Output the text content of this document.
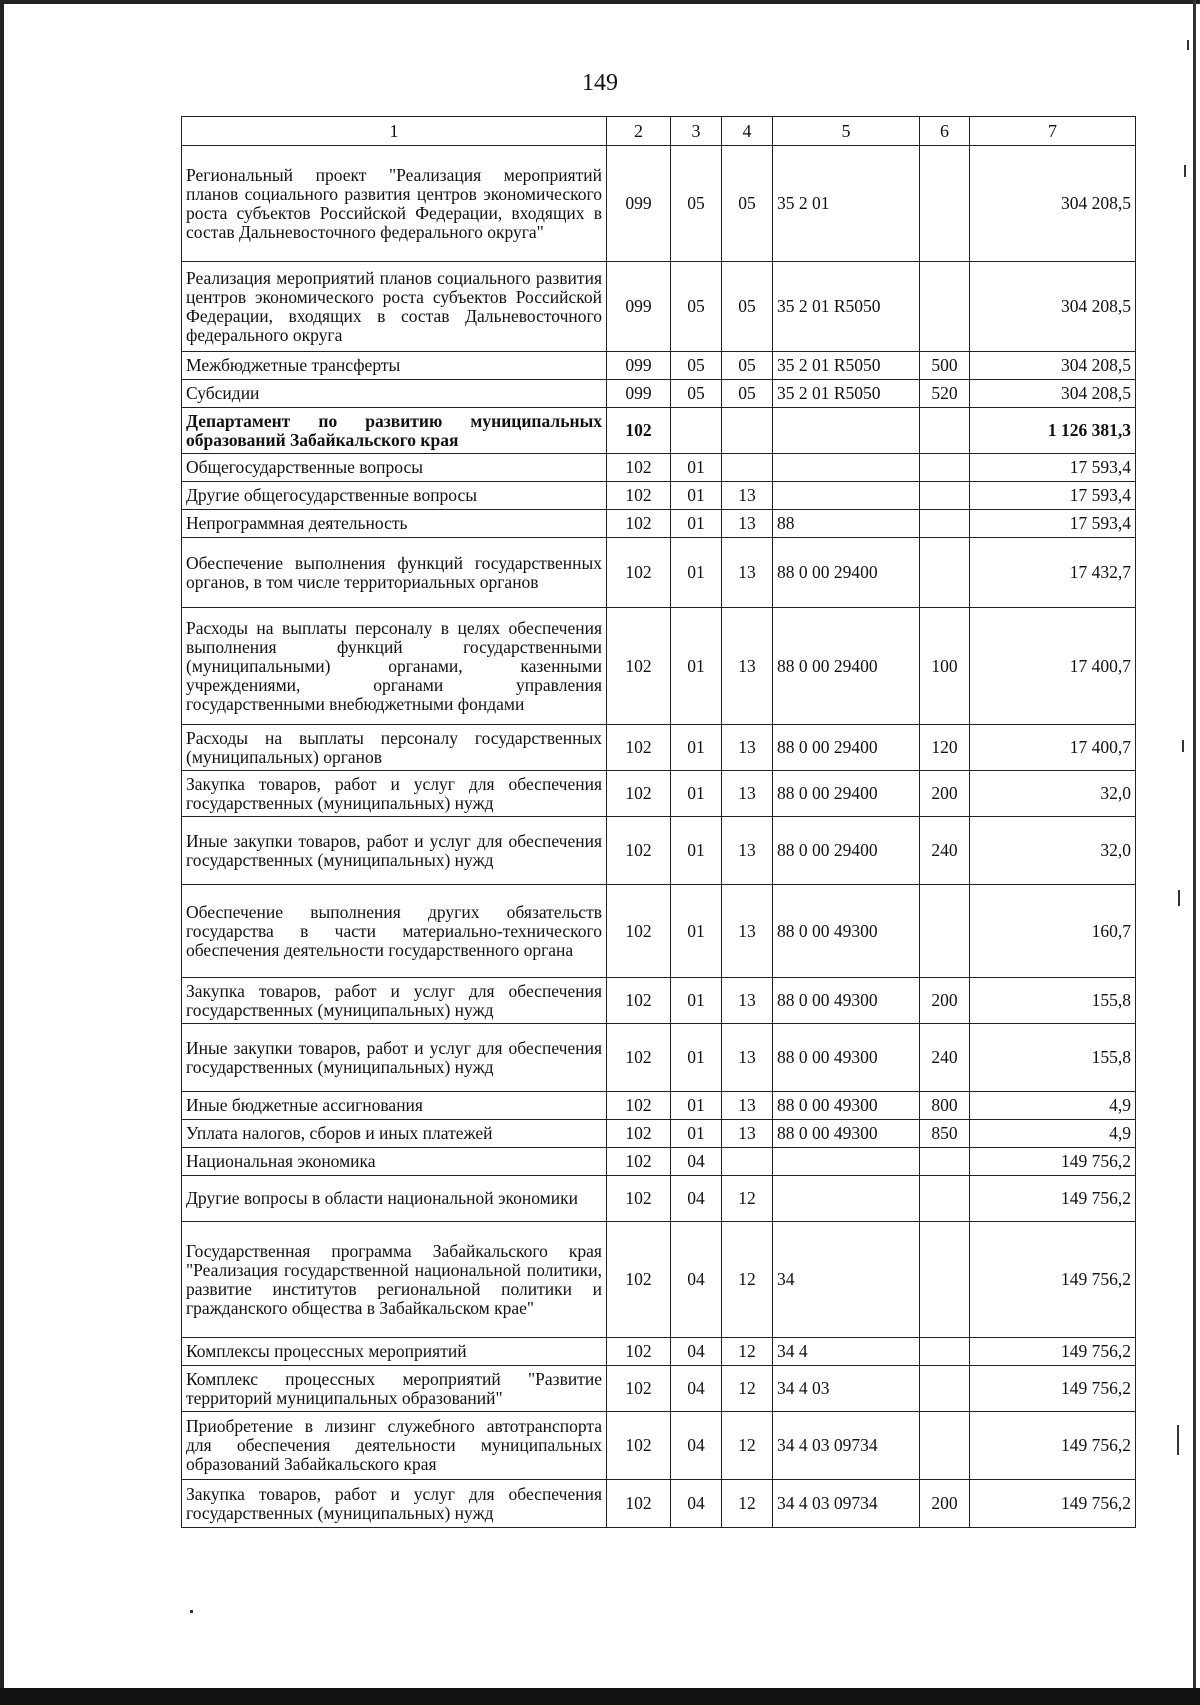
149
1	2	3	4	5	6	7
Региональный проект "Реализация мероприятий планов социального развития центров экономического роста субъектов Российской Федерации, входящих в состав Дальневосточного федерального округа"	099	05	05	35 2 01		304 208,5
Реализация мероприятий планов социального развития центров экономического роста субъектов Российской Федерации, входящих в состав Дальневосточного федерального округа	099	05	05	35 2 01 R5050		304 208,5
Межбюджетные трансферты	099	05	05	35 2 01 R5050	500	304 208,5
Субсидии	099	05	05	35 2 01 R5050	520	304 208,5
Департамент по развитию муниципальных образований Забайкальского края	102					1 126 381,3
Общегосударственные вопросы	102	01				17 593,4
Другие общегосударственные вопросы	102	01	13			17 593,4
Непрограммная деятельность	102	01	13	88		17 593,4
Обеспечение выполнения функций государственных органов, в том числе территориальных органов	102	01	13	88 0 00 29400		17 432,7
Расходы на выплаты персоналу в целях обеспечения выполнения функций государственными (муниципальными) органами, казенными учреждениями, органами управления государственными внебюджетными фондами	102	01	13	88 0 00 29400	100	17 400,7
Расходы на выплаты персоналу государственных (муниципальных) органов	102	01	13	88 0 00 29400	120	17 400,7
Закупка товаров, работ и услуг для обеспечения государственных (муниципальных) нужд	102	01	13	88 0 00 29400	200	32,0
Иные закупки товаров, работ и услуг для обеспечения государственных (муниципальных) нужд	102	01	13	88 0 00 29400	240	32,0
Обеспечение выполнения других обязательств государства в части материально-технического обеспечения деятельности государственного органа	102	01	13	88 0 00 49300		160,7
Закупка товаров, работ и услуг для обеспечения государственных (муниципальных) нужд	102	01	13	88 0 00 49300	200	155,8
Иные закупки товаров, работ и услуг для обеспечения государственных (муниципальных) нужд	102	01	13	88 0 00 49300	240	155,8
Иные бюджетные ассигнования	102	01	13	88 0 00 49300	800	4,9
Уплата налогов, сборов и иных платежей	102	01	13	88 0 00 49300	850	4,9
Национальная экономика	102	04				149 756,2
Другие вопросы в области национальной экономики	102	04	12			149 756,2
Государственная программа Забайкальского края "Реализация государственной национальной политики, развитие институтов региональной политики и гражданского общества в Забайкальском крае"	102	04	12	34		149 756,2
Комплексы процессных мероприятий	102	04	12	34 4		149 756,2
Комплекс процессных мероприятий "Развитие территорий муниципальных образований"	102	04	12	34 4 03		149 756,2
Приобретение в лизинг служебного автотранспорта для обеспечения деятельности муниципальных образований Забайкальского края	102	04	12	34 4 03 09734		149 756,2
Закупка товаров, работ и услуг для обеспечения государственных (муниципальных) нужд	102	04	12	34 4 03 09734	200	149 756,2
